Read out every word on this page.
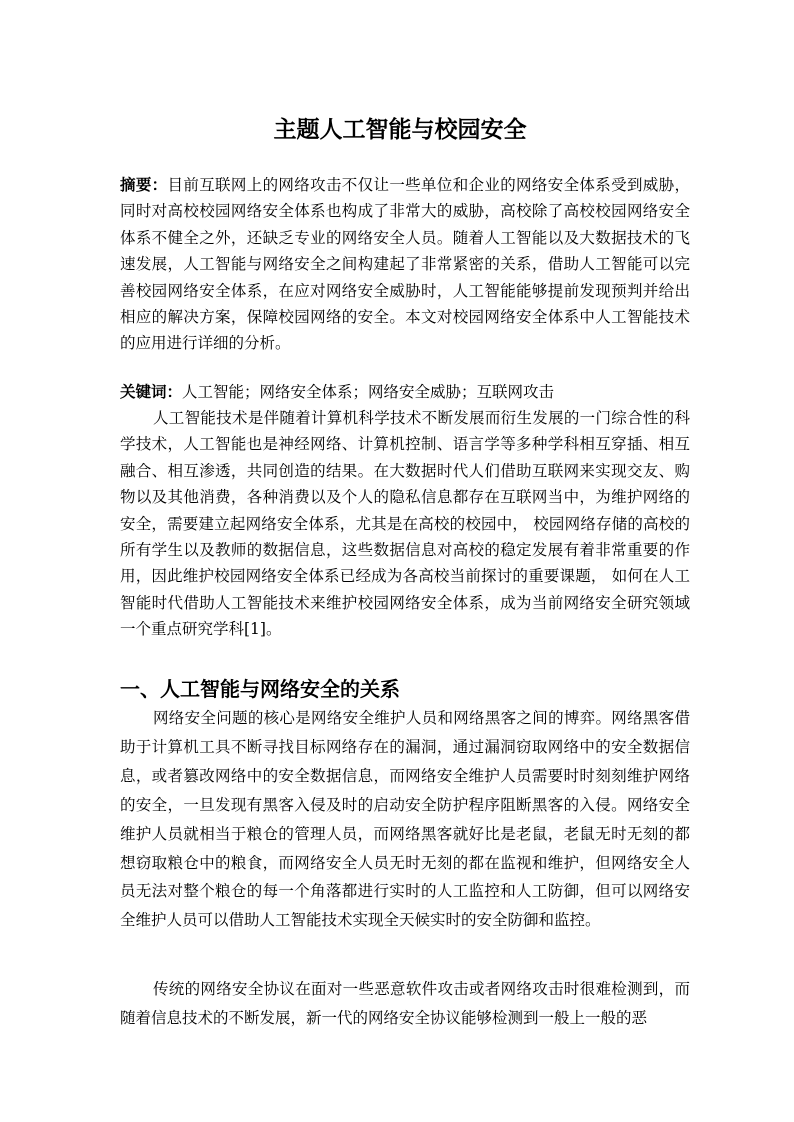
主题人工智能与校园安全

摘要：目前互联网上的网络攻击不仅让一些单位和企业的网络安全体系受到威胁，同时对高校校园网络安全体系也构成了非常大的威胁，高校除了高校校园网络安全体系不健全之外，还缺乏专业的网络安全人员。随着人工智能以及大数据技术的飞速发展，人工智能与网络安全之间构建起了非常紧密的关系，借助人工智能可以完善校园网络安全体系，在应对网络安全威胁时，人工智能能够提前发现预判并给出相应的解决方案，保障校园网络的安全。本文对校园网络安全体系中人工智能技术的应用进行详细的分析。

关键词：人工智能；网络安全体系；网络安全威胁；互联网攻击

人工智能技术是伴随着计算机科学技术不断发展而衍生发展的一门综合性的科学技术，人工智能也是神经网络、计算机控制、语言学等多种学科相互穿插、相互融合、相互渗透，共同创造的结果。在大数据时代人们借助互联网来实现交友、购物以及其他消费，各种消费以及个人的隐私信息都存在互联网当中，为维护网络的安全，需要建立起网络安全体系，尤其是在高校的校园中， 校园网络存储的高校的所有学生以及教师的数据信息，这些数据信息对高校的稳定发展有着非常重要的作用，因此维护校园网络安全体系已经成为各高校当前探讨的重要课题， 如何在人工智能时代借助人工智能技术来维护校园网络安全体系，成为当前网络安全研究领域一个重点研究学科[1]。

一、人工智能与网络安全的关系

网络安全问题的核心是网络安全维护人员和网络黑客之间的博弈。网络黑客借助于计算机工具不断寻找目标网络存在的漏洞，通过漏洞窃取网络中的安全数据信息，或者篡改网络中的安全数据信息，而网络安全维护人员需要时时刻刻维护网络的安全，一旦发现有黑客入侵及时的启动安全防护程序阻断黑客的入侵。网络安全维护人员就相当于粮仓的管理人员，而网络黑客就好比是老鼠，老鼠无时无刻的都想窃取粮仓中的粮食，而网络安全人员无时无刻的都在监视和维护，但网络安全人员无法对整个粮仓的每一个角落都进行实时的人工监控和人工防御，但可以网络安全维护人员可以借助人工智能技术实现全天候实时的安全防御和监控。

传统的网络安全协议在面对一些恶意软件攻击或者网络攻击时很难检测到，而随着信息技术的不断发展，新一代的网络安全协议能够检测到一般上一般的恶
